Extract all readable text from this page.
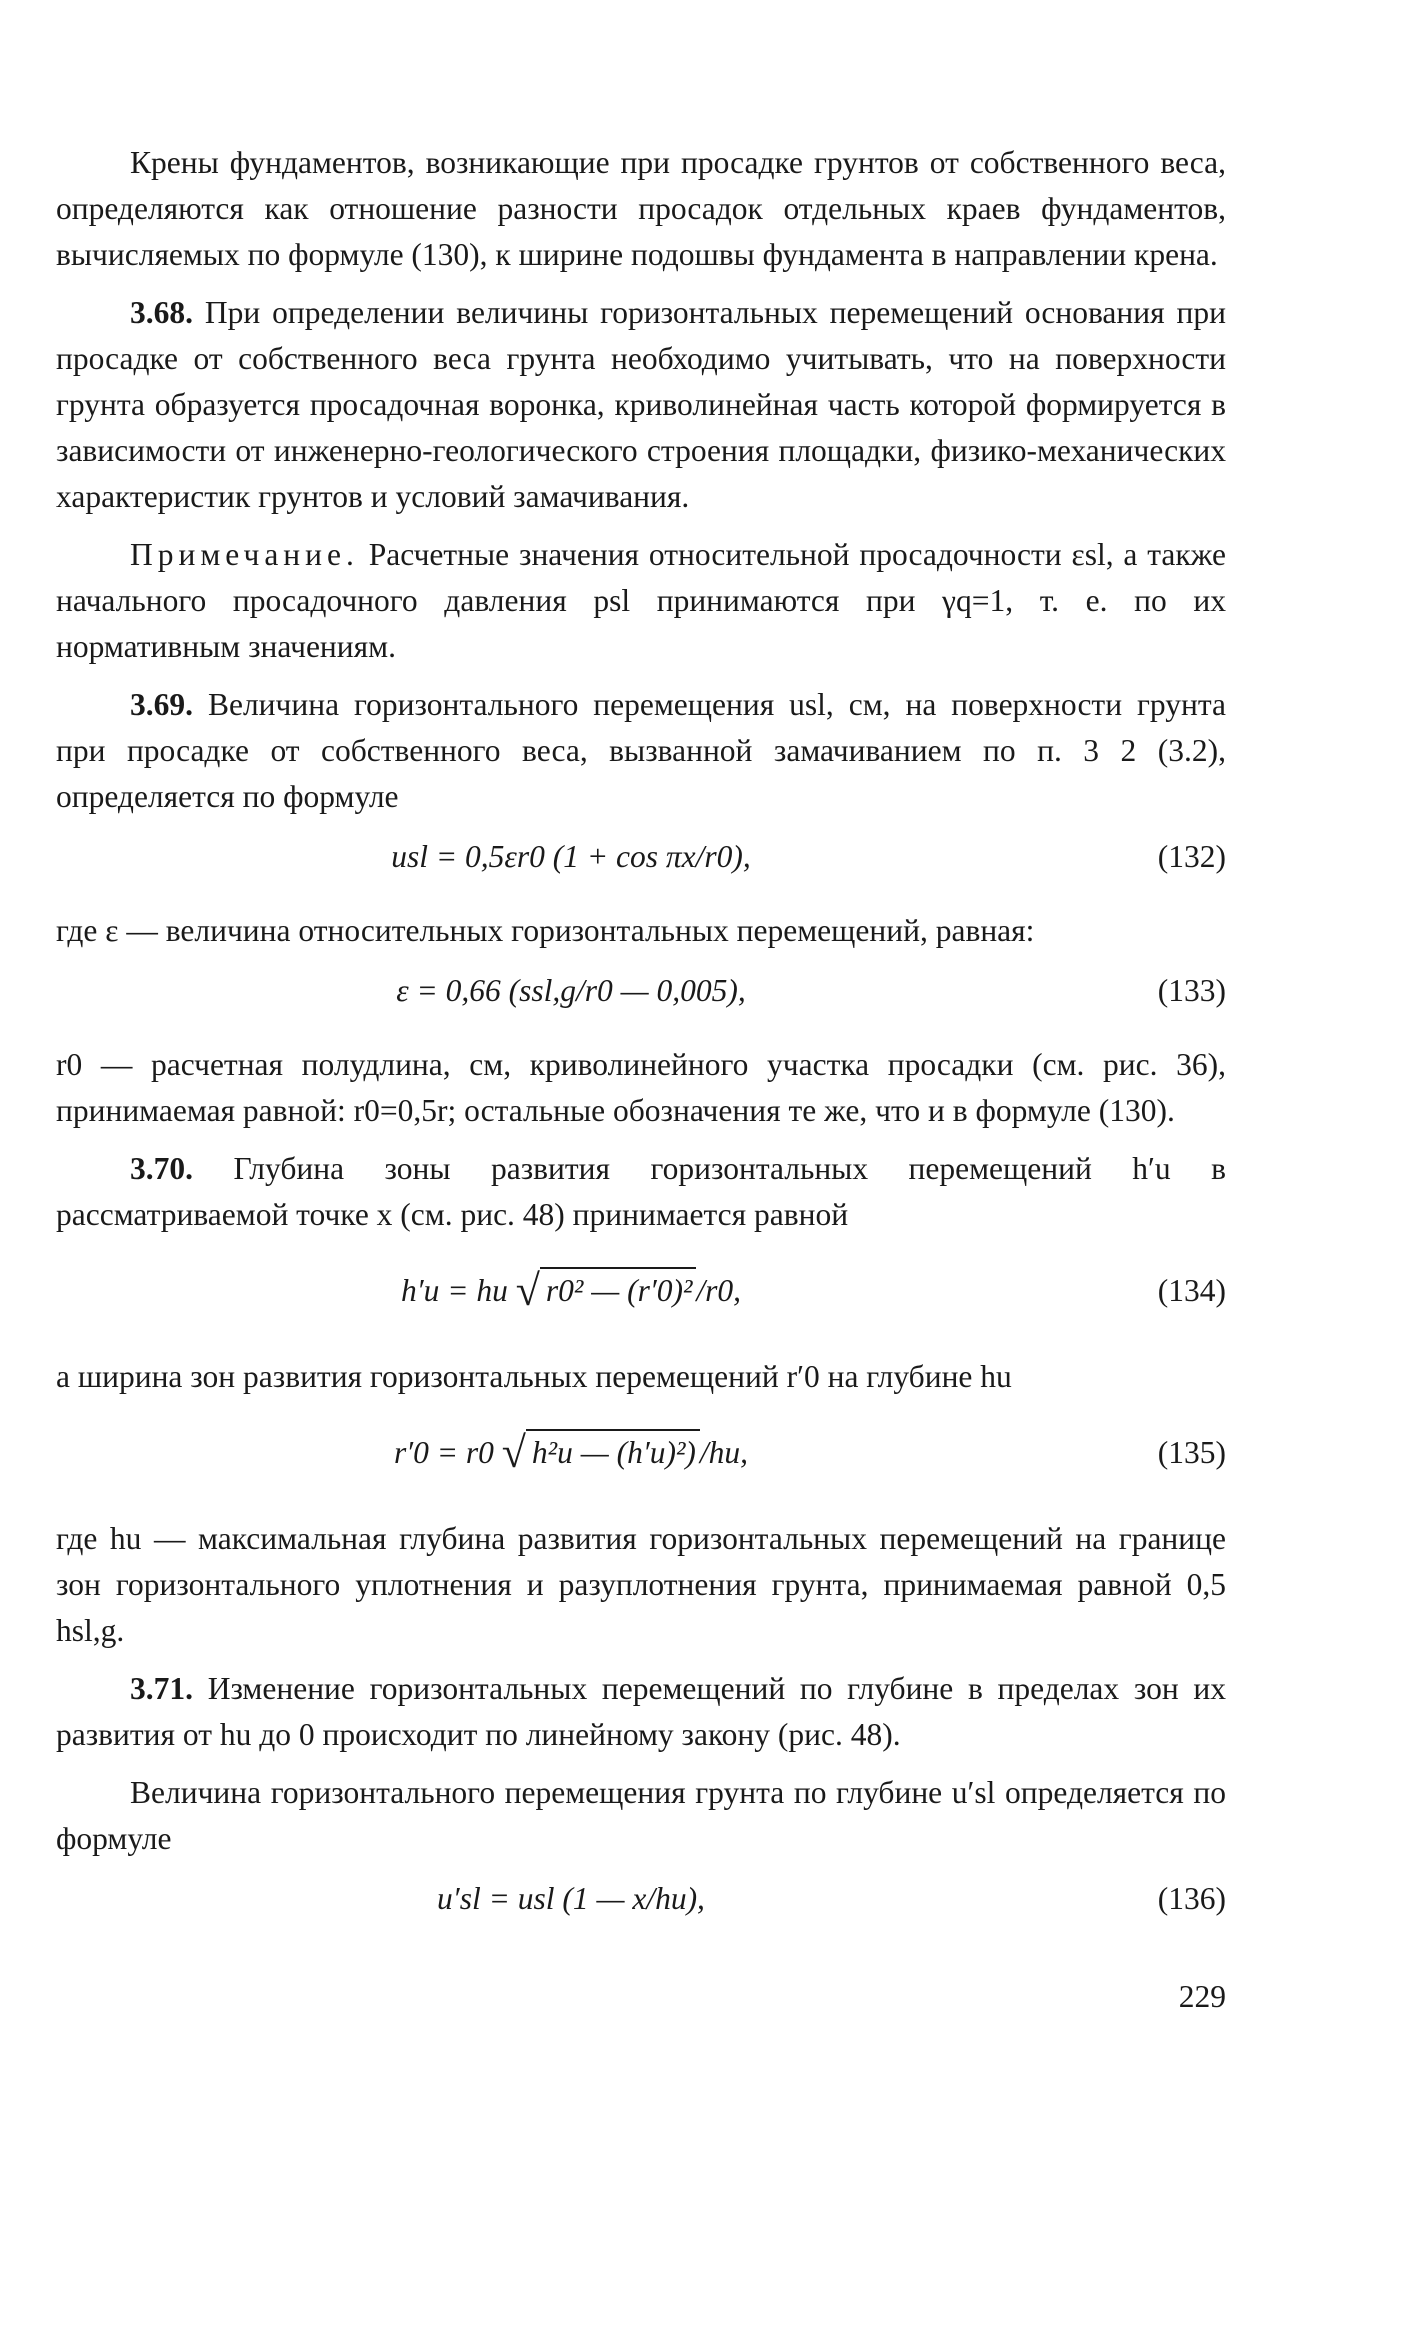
Крены фундаментов, возникающие при просадке грунтов от собственного веса, определяются как отношение разности просадок отдельных краев фундаментов, вычисляемых по формуле (130), к ширине подошвы фундамента в направлении крена.

3.68. При определении величины горизонтальных перемещений основания при просадке от собственного веса грунта необходимо учитывать, что на поверхности грунта образуется просадочная воронка, криволинейная часть которой формируется в зависимости от инженерно-геологического строения площадки, физико-механических характеристик грунтов и условий замачивания.

Примечание. Расчетные значения относительной просадочности εsl, а также начального просадочного давления psl принимаются при γq=1, т. е. по их нормативным значениям.

3.69. Величина горизонтального перемещения usl, см, на поверхности грунта при просадке от собственного веса, вызванной замачиванием по п. 3 2 (3.2), определяется по формуле

usl = 0,5εr0 (1 + cos πx/r0),	(132)

где ε — величина относительных горизонтальных перемещений, равная:

ε = 0,66 (ssl,g/r0 — 0,005),	(133)

r0 — расчетная полудлина, см, криволинейного участка просадки (см. рис. 36), принимаемая равной: r0=0,5r; остальные обозначения те же, что и в формуле (130).

3.70. Глубина зоны развития горизонтальных перемещений h′u в рассматриваемой точке x (см. рис. 48) принимается равной

h′u = hu √ r0² — (r′0)² /r0,	(134)

а ширина зон развития горизонтальных перемещений r′0 на глубине hu

r′0 = r0 √ h²u — (h′u)²) /hu,	(135)

где hu — максимальная глубина развития горизонтальных перемещений на границе зон горизонтального уплотнения и разуплотнения грунта, принимаемая равной 0,5 hsl,g.

3.71. Изменение горизонтальных перемещений по глубине в пределах зон их развития от hu до 0 происходит по линейному закону (рис. 48).

Величина горизонтального перемещения грунта по глубине u′sl определяется по формуле

u′sl = usl (1 — x/hu),	(136)

229
